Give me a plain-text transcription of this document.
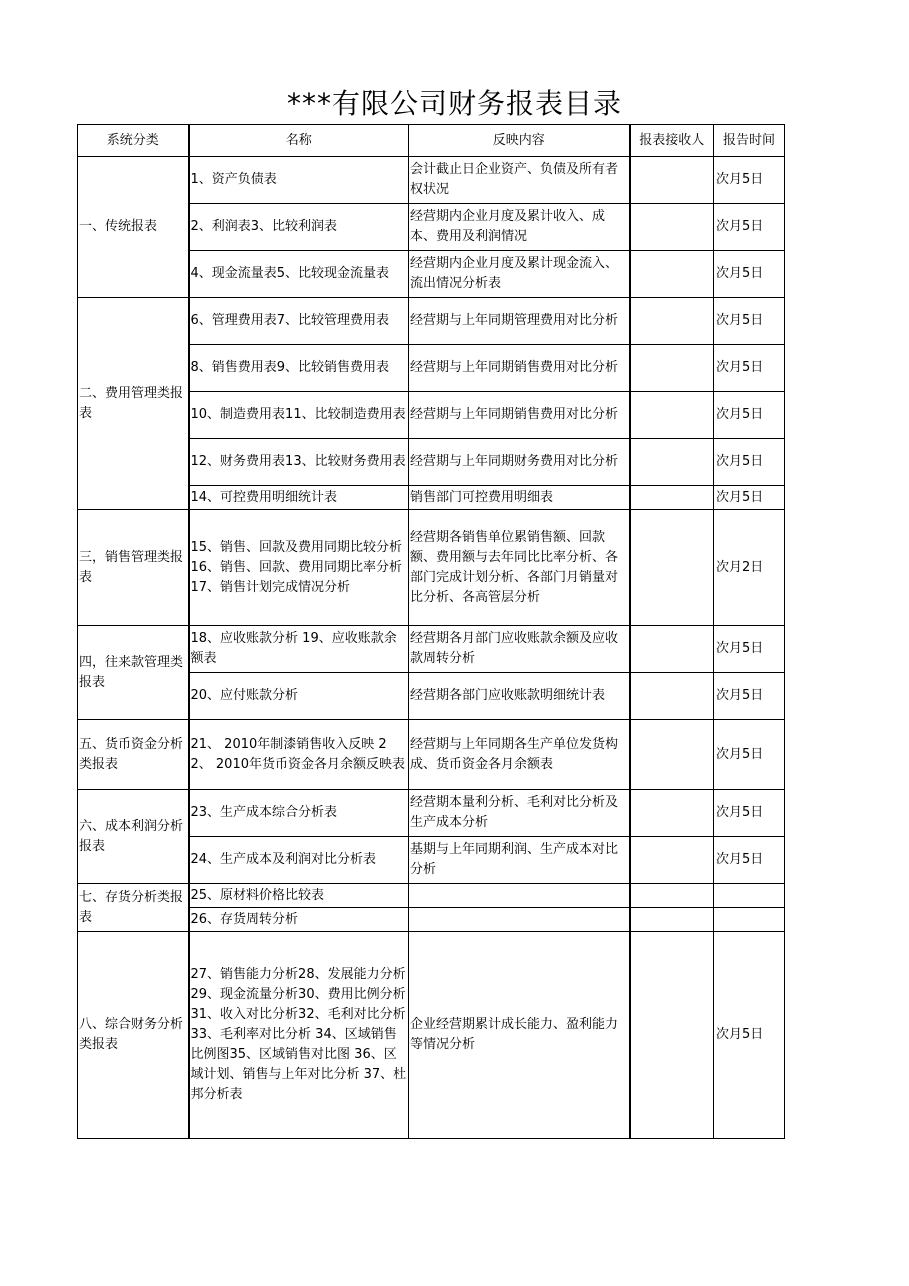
***有限公司财务报表目录
系统分类	名称	反映内容	报表接收人	报告时间
一、传统报表	1、资产负债表	会计截止日企业资产、负债及所有者权状况		次月5日
	2、利润表3、比较利润表	经营期内企业月度及累计收入、成本、费用及利润情况		次月5日
	4、现金流量表5、比较现金流量表	经营期内企业月度及累计现金流入、流出情况分析表		次月5日
二、费用管理类报表	6、管理费用表7、比较管理费用表	经营期与上年同期管理费用对比分析		次月5日
	8、销售费用表9、比较销售费用表	经营期与上年同期销售费用对比分析		次月5日
	10、制造费用表11、比较制造费用表	经营期与上年同期销售费用对比分析		次月5日
	12、财务费用表13、比较财务费用表	经营期与上年同期财务费用对比分析		次月5日
	14、可控费用明细统计表	销售部门可控费用明细表		次月5日
三，销售管理类报表	15、销售、回款及费用同期比较分析 16、销售、回款、费用同期比率分析 17、销售计划完成情况分析	经营期各销售单位累销售额、回款额、费用额与去年同比比率分析、各部门完成计划分析、各部门月销量对比分析、各高管层分析		次月2日
四，往来款管理类报表	18、应收账款分析 19、应收账款余额表	经营期各月部门应收账款余额及应收款周转分析		次月5日
	20、应付账款分析	经营期各部门应收账款明细统计表		次月5日
五、货币资金分析类报表	21、 2010年制漆销售收入反映 22、 2010年货币资金各月余额反映表	经营期与上年同期各生产单位发货构成、货币资金各月余额表		次月5日
六、成本利润分析报表	23、生产成本综合分析表	经营期本量利分析、毛利对比分析及生产成本分析		次月5日
	24、生产成本及利润对比分析表	基期与上年同期利润、生产成本对比分析		次月5日
七、存货分析类报表	25、原材料价格比较表			
	26、存货周转分析			
八、综合财务分析类报表	27、销售能力分析28、发展能力分析29、现金流量分析30、费用比例分析31、收入对比分析32、毛利对比分析33、毛利率对比分析 34、区域销售比例图35、区域销售对比图 36、区域计划、销售与上年对比分析 37、杜邦分析表	企业经营期累计成长能力、盈利能力等情况分析		次月5日
